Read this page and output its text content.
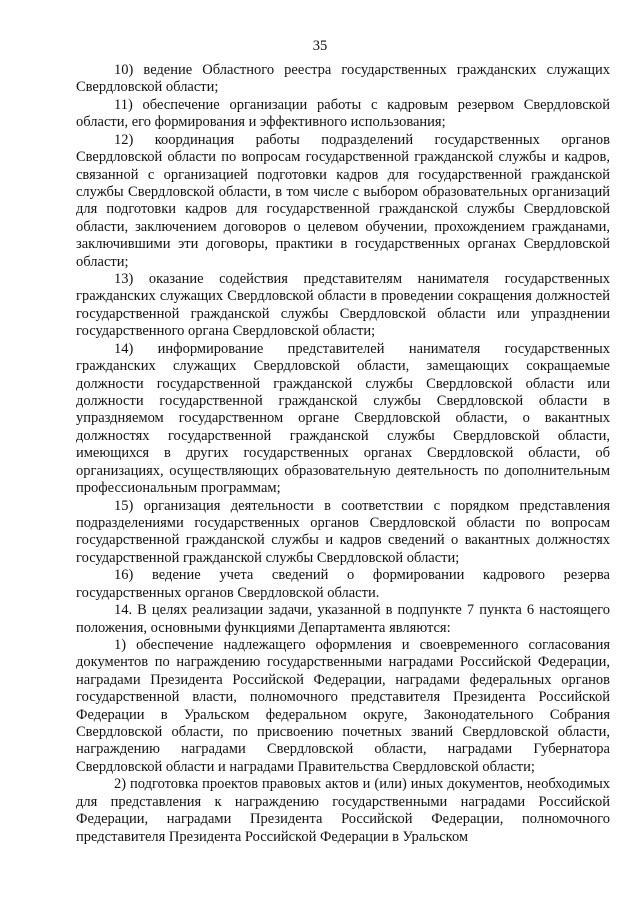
35

10) ведение Областного реестра государственных гражданских служащих Свердловской области;

11) обеспечение организации работы с кадровым резервом Свердловской области, его формирования и эффективного использования;

12) координация работы подразделений государственных органов Свердловской области по вопросам государственной гражданской службы и кадров, связанной с организацией подготовки кадров для государственной гражданской службы Свердловской области, в том числе с выбором образовательных организаций для подготовки кадров для государственной гражданской службы Свердловской области, заключением договоров о целевом обучении, прохождением гражданами, заключившими эти договоры, практики в государственных органах Свердловской области;

13) оказание содействия представителям нанимателя государственных гражданских служащих Свердловской области в проведении сокращения должностей государственной гражданской службы Свердловской области или упразднении государственного органа Свердловской области;

14) информирование представителей нанимателя государственных гражданских служащих Свердловской области, замещающих сокращаемые должности государственной гражданской службы Свердловской области или должности государственной гражданской службы Свердловской области в упраздняемом государственном органе Свердловской области, о вакантных должностях государственной гражданской службы Свердловской области, имеющихся в других государственных органах Свердловской области, об организациях, осуществляющих образовательную деятельность по дополнительным профессиональным программам;

15) организация деятельности в соответствии с порядком представления подразделениями государственных органов Свердловской области по вопросам государственной гражданской службы и кадров сведений о вакантных должностях государственной гражданской службы Свердловской области;

16) ведение учета сведений о формировании кадрового резерва государственных органов Свердловской области.

14. В целях реализации задачи, указанной в подпункте 7 пункта 6 настоящего положения, основными функциями Департамента являются:

1) обеспечение надлежащего оформления и своевременного согласования документов по награждению государственными наградами Российской Федерации, наградами Президента Российской Федерации, наградами федеральных органов государственной власти, полномочного представителя Президента Российской Федерации в Уральском федеральном округе, Законодательного Собрания Свердловской области, по присвоению почетных званий Свердловской области, награждению наградами Свердловской области, наградами Губернатора Свердловской области и наградами Правительства Свердловской области;

2) подготовка проектов правовых актов и (или) иных документов, необходимых для представления к награждению государственными наградами Российской Федерации, наградами Президента Российской Федерации, полномочного представителя Президента Российской Федерации в Уральском
